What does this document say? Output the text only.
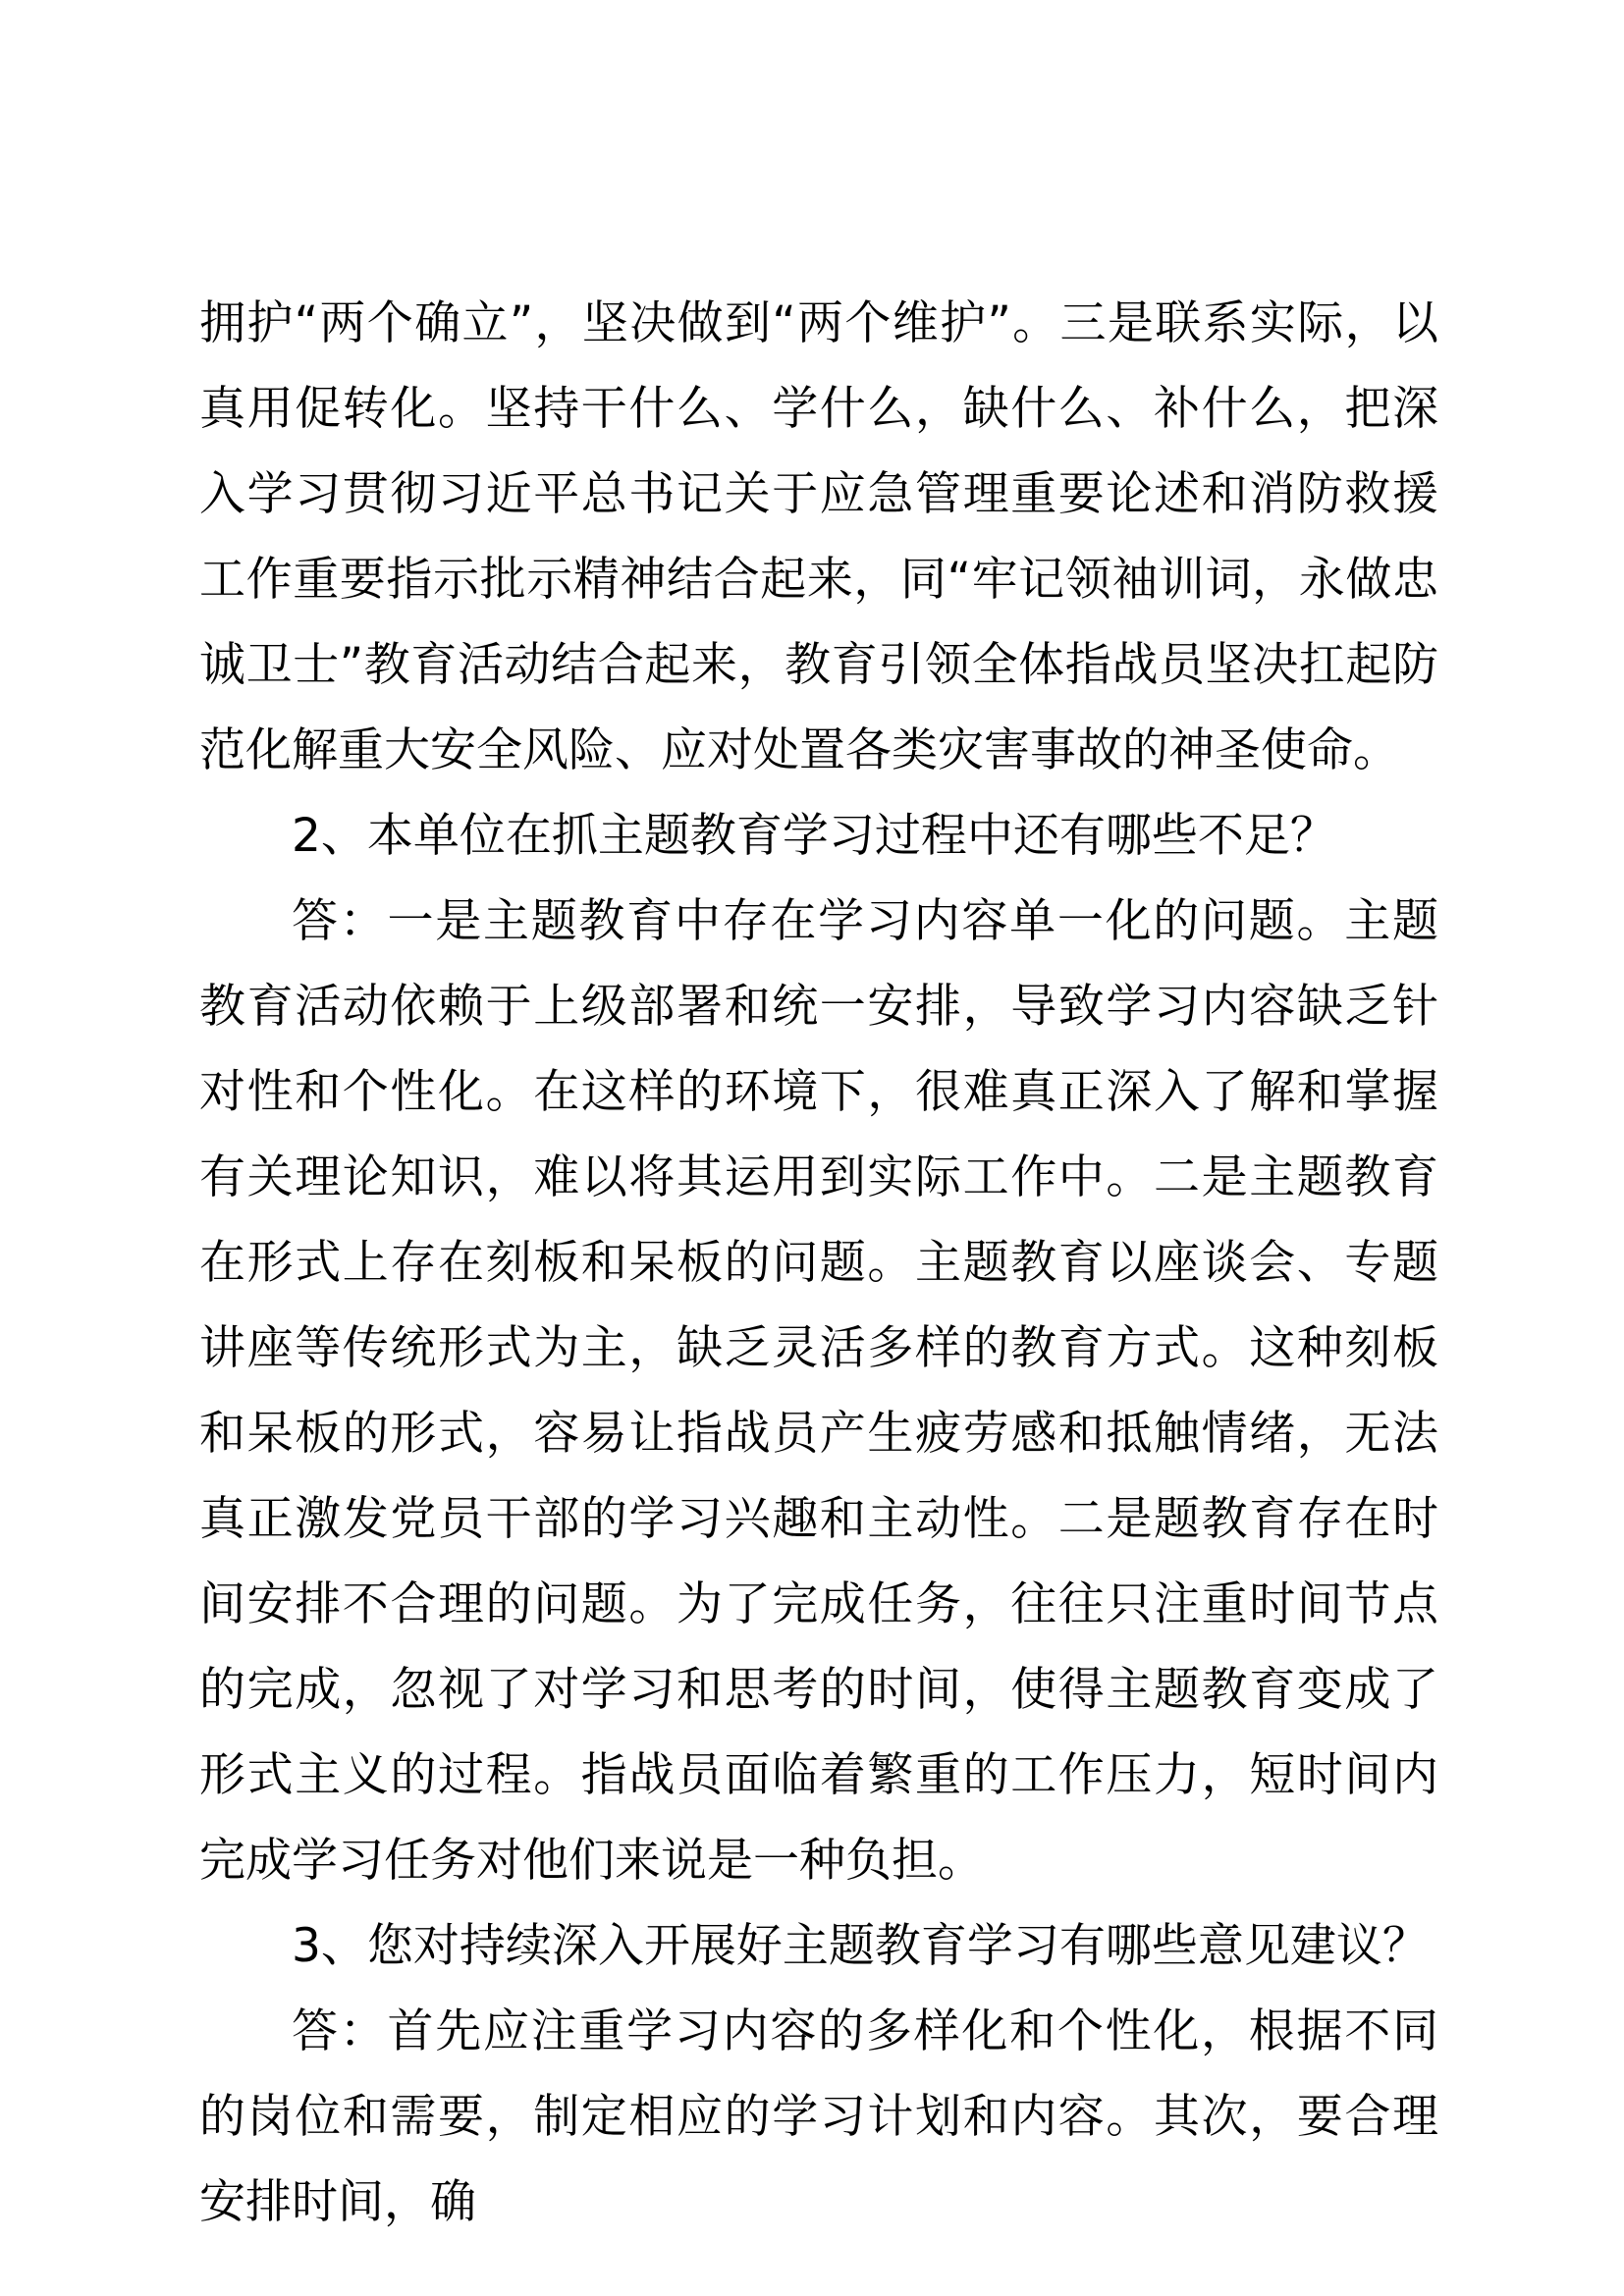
拥护“两个确立”，坚决做到“两个维护”。三是联系实际，以真用促转化。坚持干什么、学什么，缺什么、补什么，把深入学习贯彻习近平总书记关于应急管理重要论述和消防救援工作重要指示批示精神结合起来，同“牢记领袖训词，永做忠诚卫士”教育活动结合起来，教育引领全体指战员坚决扛起防范化解重大安全风险、应对处置各类灾害事故的神圣使命。

2、本单位在抓主题教育学习过程中还有哪些不足？

答：一是主题教育中存在学习内容单一化的问题。主题教育活动依赖于上级部署和统一安排，导致学习内容缺乏针对性和个性化。在这样的环境下，很难真正深入了解和掌握有关理论知识，难以将其运用到实际工作中。二是主题教育在形式上存在刻板和呆板的问题。主题教育以座谈会、专题讲座等传统形式为主，缺乏灵活多样的教育方式。这种刻板和呆板的形式，容易让指战员产生疲劳感和抵触情绪，无法真正激发党员干部的学习兴趣和主动性。二是题教育存在时间安排不合理的问题。为了完成任务，往往只注重时间节点的完成，忽视了对学习和思考的时间，使得主题教育变成了形式主义的过程。指战员面临着繁重的工作压力，短时间内完成学习任务对他们来说是一种负担。

3、您对持续深入开展好主题教育学习有哪些意见建议？

答：首先应注重学习内容的多样化和个性化，根据不同的岗位和需要，制定相应的学习计划和内容。其次，要合理安排时间，确
